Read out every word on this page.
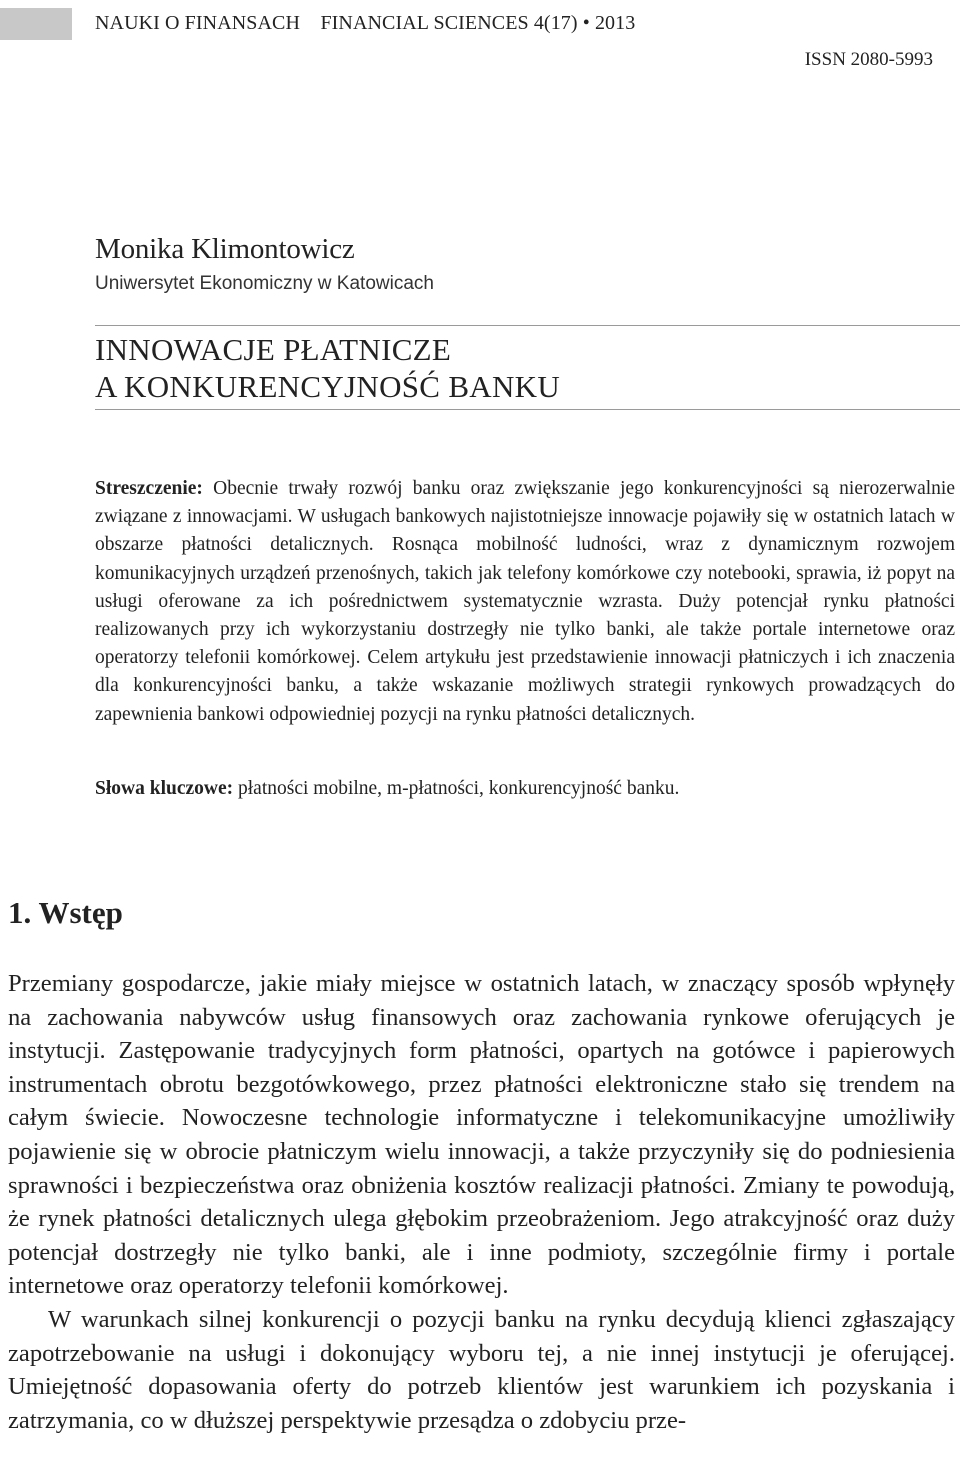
NAUKI O FINANSACH    FINANCIAL SCIENCES 4(17) • 2013
ISSN 2080-5993
Monika Klimontowicz
Uniwersytet Ekonomiczny w Katowicach
INNOWACJE PŁATNICZE
A KONKURENCYJNOŚĆ BANKU
Streszczenie: Obecnie trwały rozwój banku oraz zwiększanie jego konkurencyjności są nierozerwalnie związane z innowacjami. W usługach bankowych najistotniejsze innowacje pojawiły się w ostatnich latach w obszarze płatności detalicznych. Rosnąca mobilność ludności, wraz z dynamicznym rozwojem komunikacyjnych urządzeń przenośnych, takich jak telefony komórkowe czy notebooki, sprawia, iż popyt na usługi oferowane za ich pośrednictwem systematycznie wzrasta. Duży potencjał rynku płatności realizowanych przy ich wykorzystaniu dostrzegły nie tylko banki, ale także portale internetowe oraz operatorzy telefonii komórkowej. Celem artykułu jest przedstawienie innowacji płatniczych i ich znaczenia dla konkurencyjności banku, a także wskazanie możliwych strategii rynkowych prowadzących do zapewnienia bankowi odpowiedniej pozycji na rynku płatności detalicznych.
Słowa kluczowe: płatności mobilne, m-płatności, konkurencyjność banku.
1. Wstęp

Przemiany gospodarcze, jakie miały miejsce w ostatnich latach, w znaczący sposób wpłynęły na zachowania nabywców usług finansowych oraz zachowania rynkowe oferujących je instytucji. Zastępowanie tradycyjnych form płatności, opartych na gotówce i papierowych instrumentach obrotu bezgotówkowego, przez płatności elektroniczne stało się trendem na całym świecie. Nowoczesne technologie informatyczne i telekomunikacyjne umożliwiły pojawienie się w obrocie płatniczym wielu innowacji, a także przyczyniły się do podniesienia sprawności i bezpieczeństwa oraz obniżenia kosztów realizacji płatności. Zmiany te powodują, że rynek płatności detalicznych ulega głębokim przeobrażeniom. Jego atrakcyjność oraz duży potencjał dostrzegły nie tylko banki, ale i inne podmioty, szczególnie firmy i portale internetowe oraz operatorzy telefonii komórkowej.

W warunkach silnej konkurencji o pozycji banku na rynku decydują klienci zgłaszający zapotrzebowanie na usługi i dokonujący wyboru tej, a nie innej instytucji je oferującej. Umiejętność dopasowania oferty do potrzeb klientów jest warunkiem ich pozyskania i zatrzymania, co w dłuższej perspektywie przesądza o zdobyciu prze-
